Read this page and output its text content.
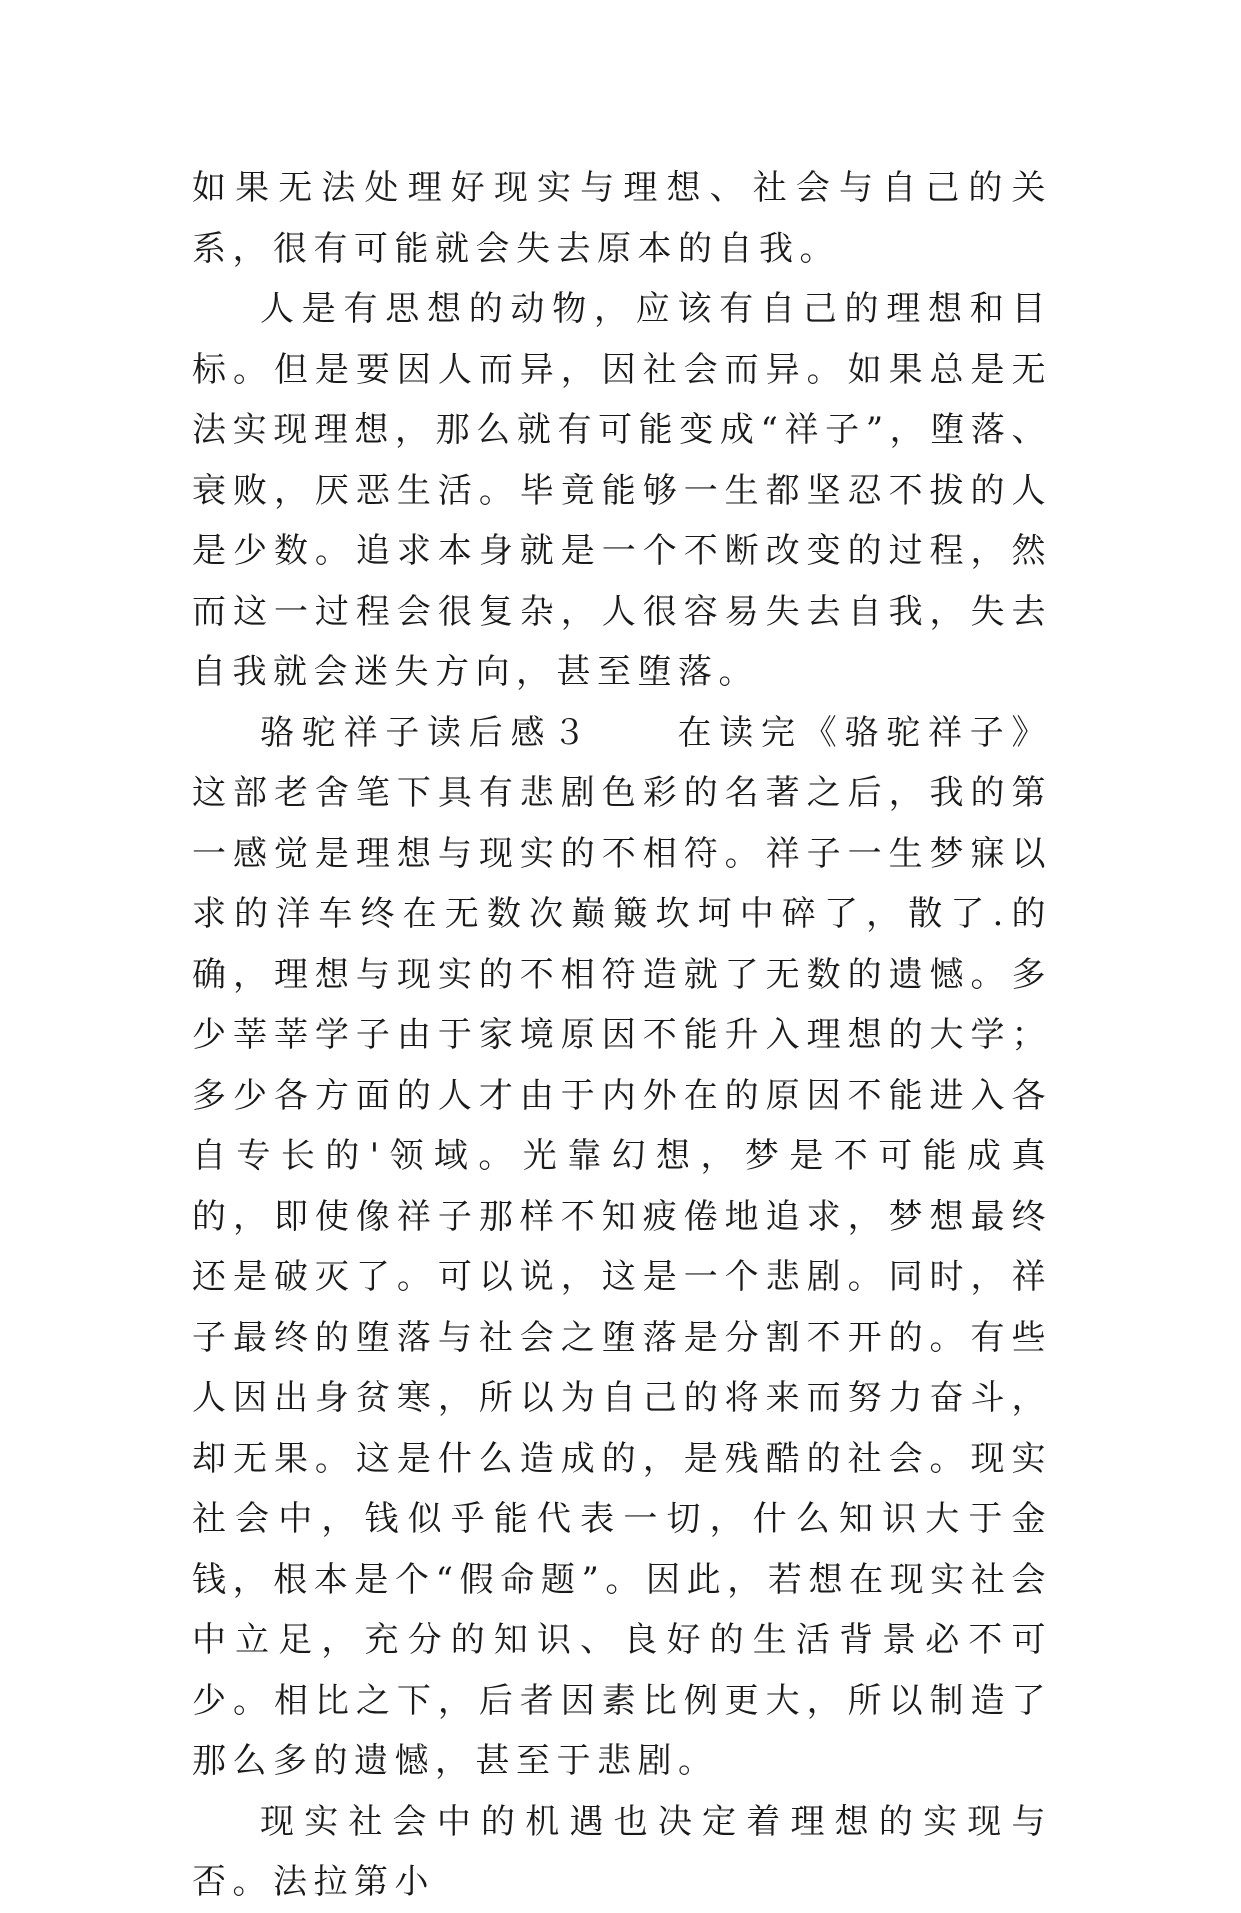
如果无法处理好现实与理想、社会与自己的关系，很有可能就会失去原本的自我。

人是有思想的动物，应该有自己的理想和目标。但是要因人而异，因社会而异。如果总是无法实现理想，那么就有可能变成“祥子”，堕落、衰败，厌恶生活。毕竟能够一生都坚忍不拔的人是少数。追求本身就是一个不断改变的过程，然而这一过程会很复杂，人很容易失去自我，失去自我就会迷失方向，甚至堕落。

骆驼祥子读后感３　　在读完《骆驼祥子》这部老舍笔下具有悲剧色彩的名著之后，我的第一感觉是理想与现实的不相符。祥子一生梦寐以求的洋车终在无数次巅簸坎坷中碎了，散了.的确，理想与现实的不相符造就了无数的遗憾。多少莘莘学子由于家境原因不能升入理想的大学；多少各方面的人才由于内外在的原因不能进入各自专长的'领域。光靠幻想，梦是不可能成真的，即使像祥子那样不知疲倦地追求，梦想最终还是破灭了。可以说，这是一个悲剧。同时，祥子最终的堕落与社会之堕落是分割不开的。有些人因出身贫寒，所以为自己的将来而努力奋斗，却无果。这是什么造成的，是残酷的社会。现实社会中，钱似乎能代表一切，什么知识大于金钱，根本是个“假命题”。因此，若想在现实社会中立足，充分的知识、良好的生活背景必不可少。相比之下，后者因素比例更大，所以制造了那么多的遗憾，甚至于悲剧。

现实社会中的机遇也决定着理想的实现与否。法拉第小
